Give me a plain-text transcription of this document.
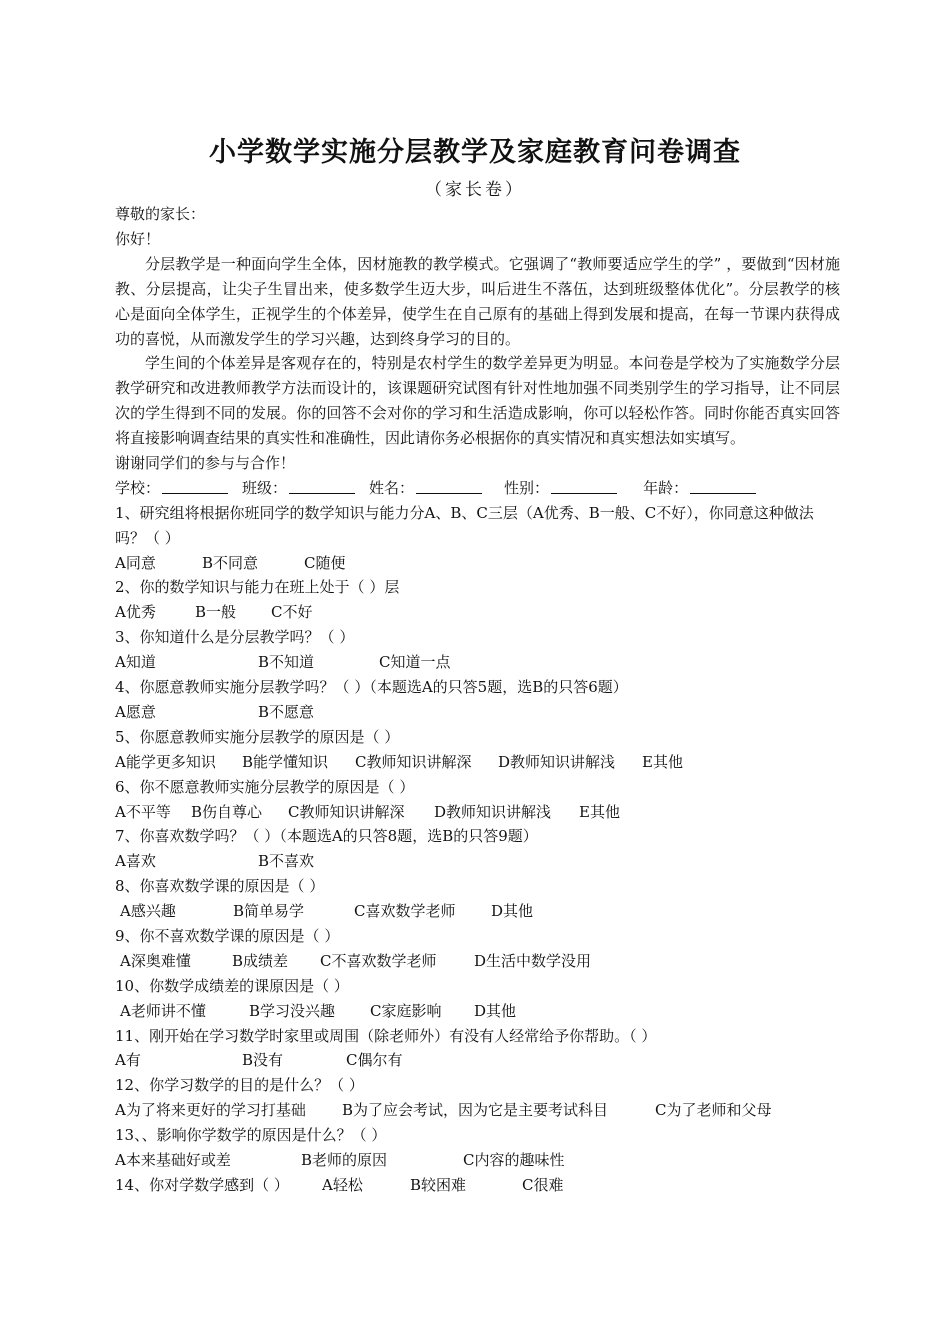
小学数学实施分层教学及家庭教育问卷调查
（家长卷）
尊敬的家长：
你好！
分层教学是一种面向学生全体，因材施教的教学模式。它强调了“教师要适应学生的学” ，要做到“因材施教、分层提高，让尖子生冒出来，使多数学生迈大步，叫后进生不落伍，达到班级整体优化”。分层教学的核心是面向全体学生，正视学生的个体差异，使学生在自己原有的基础上得到发展和提高，在每一节课内获得成功的喜悦，从而激发学生的学习兴趣，达到终身学习的目的。
学生间的个体差异是客观存在的，特别是农村学生的数学差异更为明显。本问卷是学校为了实施数学分层教学研究和改进教师教学方法而设计的，该课题研究试图有针对性地加强不同类别学生的学习指导，让不同层次的学生得到不同的发展。你的回答不会对你的学习和生活造成影响，你可以轻松作答。同时你能否真实回答将直接影响调查结果的真实性和准确性，因此请你务必根据你的真实情况和真实想法如实填写。
谢谢同学们的参与与合作！
学校：	班级：	姓名：	性别：	年龄：
1、研究组将根据你班同学的数学知识与能力分A、B、C三层（A优秀、B一般、C不好），你同意这种做法
吗？（ ）
A同意	B不同意	C随便
2、你的数学知识与能力在班上处于（ ）层
A优秀	B一般	C不好
3、你知道什么是分层教学吗？（ ）
A知道	B不知道	C知道一点
4、你愿意教师实施分层教学吗？（ ）（本题选A的只答5题，选B的只答6题）
A愿意	B不愿意
5、你愿意教师实施分层教学的原因是（ ）
A能学更多知识	B能学懂知识	C教师知识讲解深	D教师知识讲解浅	E其他
6、你不愿意教师实施分层教学的原因是（ ）
A不平等	B伤自尊心	C教师知识讲解深	D教师知识讲解浅	E其他
7、你喜欢数学吗？（ ）（本题选A的只答8题，选B的只答9题）
A喜欢	B不喜欢
8、你喜欢数学课的原因是（ ）
A感兴趣	B简单易学	C喜欢数学老师	D其他
9、你不喜欢数学课的原因是（ ）
A深奥难懂	B成绩差	C不喜欢数学老师	D生活中数学没用
10、你数学成绩差的课原因是（ ）
A老师讲不懂	B学习没兴趣	C家庭影响	D其他
11、刚开始在学习数学时家里或周围（除老师外）有没有人经常给予你帮助。（ ）
A有	B没有	C偶尔有
12、你学习数学的目的是什么？（ ）
A为了将来更好的学习打基础	B为了应会考试，因为它是主要考试科目	C为了老师和父母
13、、影响你学数学的原因是什么？（ ）
A本来基础好或差	B老师的原因	C内容的趣味性
14、你对学数学感到（ ）	A轻松	B较困难	C很难
